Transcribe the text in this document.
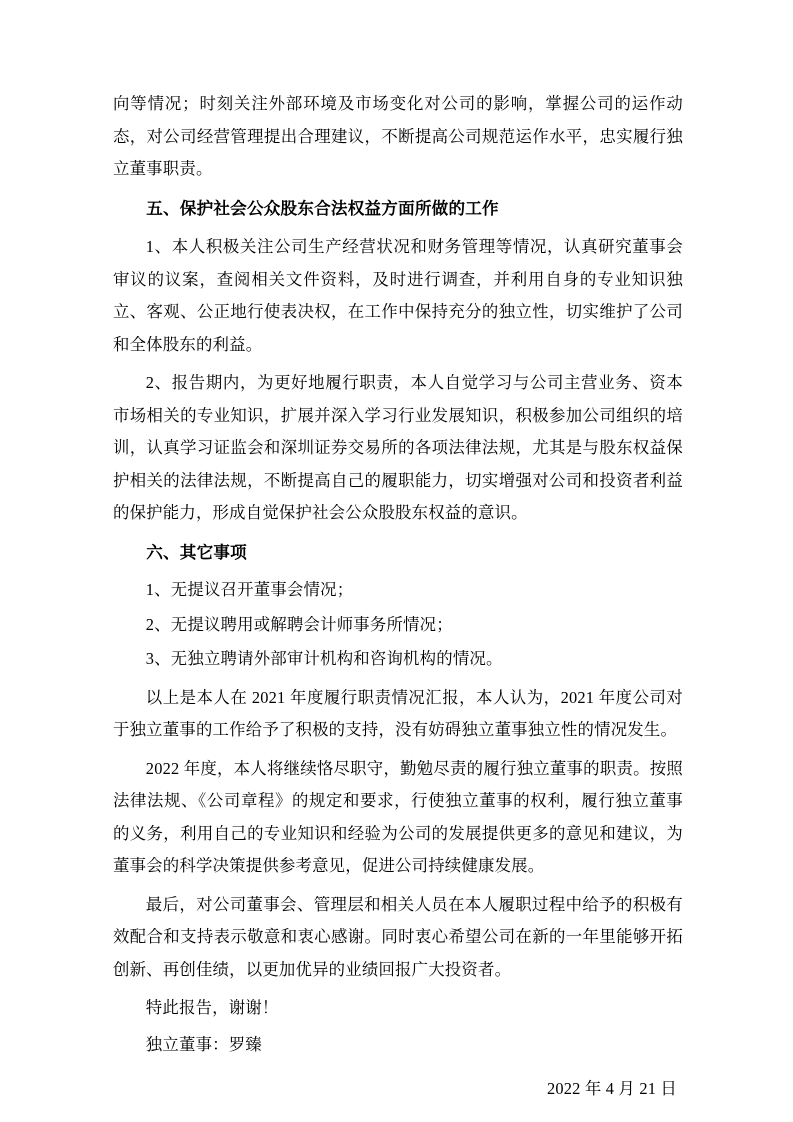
向等情况；时刻关注外部环境及市场变化对公司的影响，掌握公司的运作动态，对公司经营管理提出合理建议，不断提高公司规范运作水平，忠实履行独立董事职责。

五、保护社会公众股东合法权益方面所做的工作

1、本人积极关注公司生产经营状况和财务管理等情况，认真研究董事会审议的议案，查阅相关文件资料，及时进行调查，并利用自身的专业知识独立、客观、公正地行使表决权，在工作中保持充分的独立性，切实维护了公司和全体股东的利益。

2、报告期内，为更好地履行职责，本人自觉学习与公司主营业务、资本市场相关的专业知识，扩展并深入学习行业发展知识，积极参加公司组织的培训，认真学习证监会和深圳证券交易所的各项法律法规，尤其是与股东权益保护相关的法律法规，不断提高自己的履职能力，切实增强对公司和投资者利益的保护能力，形成自觉保护社会公众股股东权益的意识。

六、其它事项

1、无提议召开董事会情况；

2、无提议聘用或解聘会计师事务所情况；

3、无独立聘请外部审计机构和咨询机构的情况。

以上是本人在 2021 年度履行职责情况汇报，本人认为，2021 年度公司对于独立董事的工作给予了积极的支持，没有妨碍独立董事独立性的情况发生。

2022 年度，本人将继续恪尽职守，勤勉尽责的履行独立董事的职责。按照法律法规、《公司章程》的规定和要求，行使独立董事的权利，履行独立董事的义务，利用自己的专业知识和经验为公司的发展提供更多的意见和建议，为董事会的科学决策提供参考意见，促进公司持续健康发展。

最后，对公司董事会、管理层和相关人员在本人履职过程中给予的积极有效配合和支持表示敬意和衷心感谢。同时衷心希望公司在新的一年里能够开拓创新、再创佳绩，以更加优异的业绩回报广大投资者。

特此报告，谢谢！

独立董事：罗臻

2022 年 4 月 21 日
